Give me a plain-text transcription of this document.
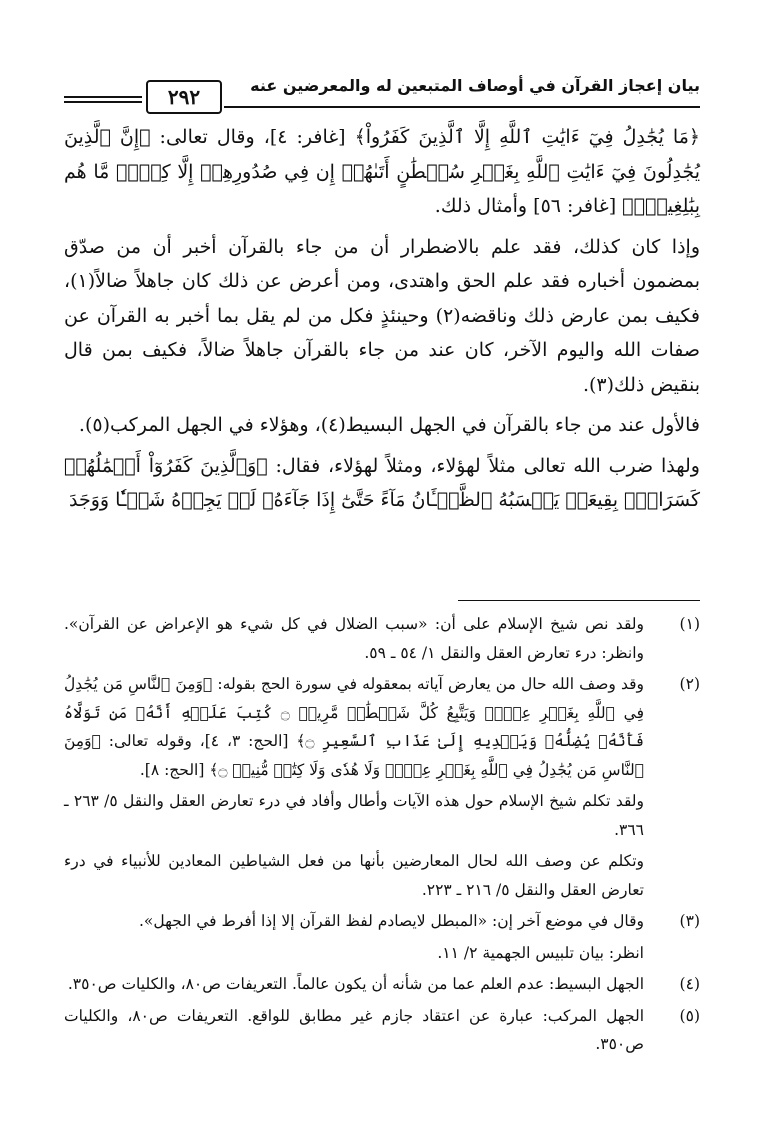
٢٩٢	بيان إعجاز القرآن في أوصاف المتبعين له والمعرضين عنه

﴿مَا يُجَٰدِلُ فِيٓ ءَايَٰتِ ٱللَّهِ إِلَّا ٱلَّذِينَ كَفَرُواْ﴾ [غافر: ٤]، وقال تعالى: ﴿إِنَّ ٱلَّذِينَ يُجَٰدِلُونَ فِيٓ ءَايَٰتِ ٱللَّهِ بِغَيۡرِ سُلۡطَٰنٍ أَتَىٰهُمۡ إِن فِي صُدُورِهِمۡ إِلَّا كِبۡرٞ مَّا هُم بِبَٰلِغِيهِۚ﴾ [غافر: ٥٦] وأمثال ذلك.

وإذا كان كذلك، فقد علم بالاضطرار أن من جاء بالقرآن أخبر أن من صدّق بمضمون أخباره فقد علم الحق واهتدى، ومن أعرض عن ذلك كان جاهلاً ضالاً(١)، فكيف بمن عارض ذلك وناقضه(٢) وحينئذٍ فكل من لم يقل بما أخبر به القرآن عن صفات الله واليوم الآخر، كان عند من جاء بالقرآن جاهلاً ضالاً، فكيف بمن قال بنقيض ذلك(٣).

فالأول عند من جاء بالقرآن في الجهل البسيط(٤)، وهؤلاء في الجهل المركب(٥).

ولهذا ضرب الله تعالى مثلاً لهؤلاء، ومثلاً لهؤلاء، فقال: ﴿وَٱلَّذِينَ كَفَرُوٓاْ أَعۡمَٰلُهُمۡ كَسَرَابِۭ بِقِيعَةٖ يَحۡسَبُهُ ٱلظَّمۡـَٔانُ مَآءً حَتَّىٰٓ إِذَا جَآءَهُۥ لَمۡ يَجِدۡهُ شَيۡـٔٗا وَوَجَدَ

(١)
ولقد نص شيخ الإسلام على أن: «سبب الضلال في كل شيء هو الإعراض عن القرآن». وانظر: درء تعارض العقل والنقل ١/ ٥٤ ـ ٥٩.
(٢)
وقد وصف الله حال من يعارض آياته بمعقوله في سورة الحج بقوله: ﴿وَمِنَ ٱلنَّاسِ مَن يُجَٰدِلُ فِي ٱللَّهِ بِغَيۡرِ عِلۡمٖ وَيَتَّبِعُ كُلَّ شَيۡطَٰنٖ مَّرِيدٖ ۝ كُتِبَ عَلَيۡهِ أَنَّهُۥ مَن تَوَلَّاهُ فَأَنَّهُۥ يُضِلُّهُۥ وَيَهۡدِيهِ إِلَىٰ عَذَابِ ٱلسَّعِيرِ ۝﴾ [الحج: ٣، ٤]، وقوله تعالى: ﴿وَمِنَ ٱلنَّاسِ مَن يُجَٰدِلُ فِي ٱللَّهِ بِغَيۡرِ عِلۡمٖ وَلَا هُدٗى وَلَا كِتَٰبٖ مُّنِيرٖ ۝﴾ [الحج: ٨].
ولقد تكلم شيخ الإسلام حول هذه الآيات وأطال وأفاد في درء تعارض العقل والنقل ٥/ ٢٦٣ ـ ٣٦٦.
وتكلم عن وصف الله لحال المعارضين بأنها من فعل الشياطين المعادين للأنبياء في درء تعارض العقل والنقل ٥/ ٢١٦ ـ ٢٢٣.
(٣)
وقال في موضع آخر إن: «المبطل لايصادم لفظ القرآن إلا إذا أفرط في الجهل».
انظر: بيان تلبيس الجهمية ٢/ ١١.
(٤)
الجهل البسيط: عدم العلم عما من شأنه أن يكون عالماً. التعريفات ص٨٠، والكليات ص٣٥٠.
(٥)
الجهل المركب: عبارة عن اعتقاد جازم غير مطابق للواقع. التعريفات ص٨٠، والكليات ص٣٥٠.
